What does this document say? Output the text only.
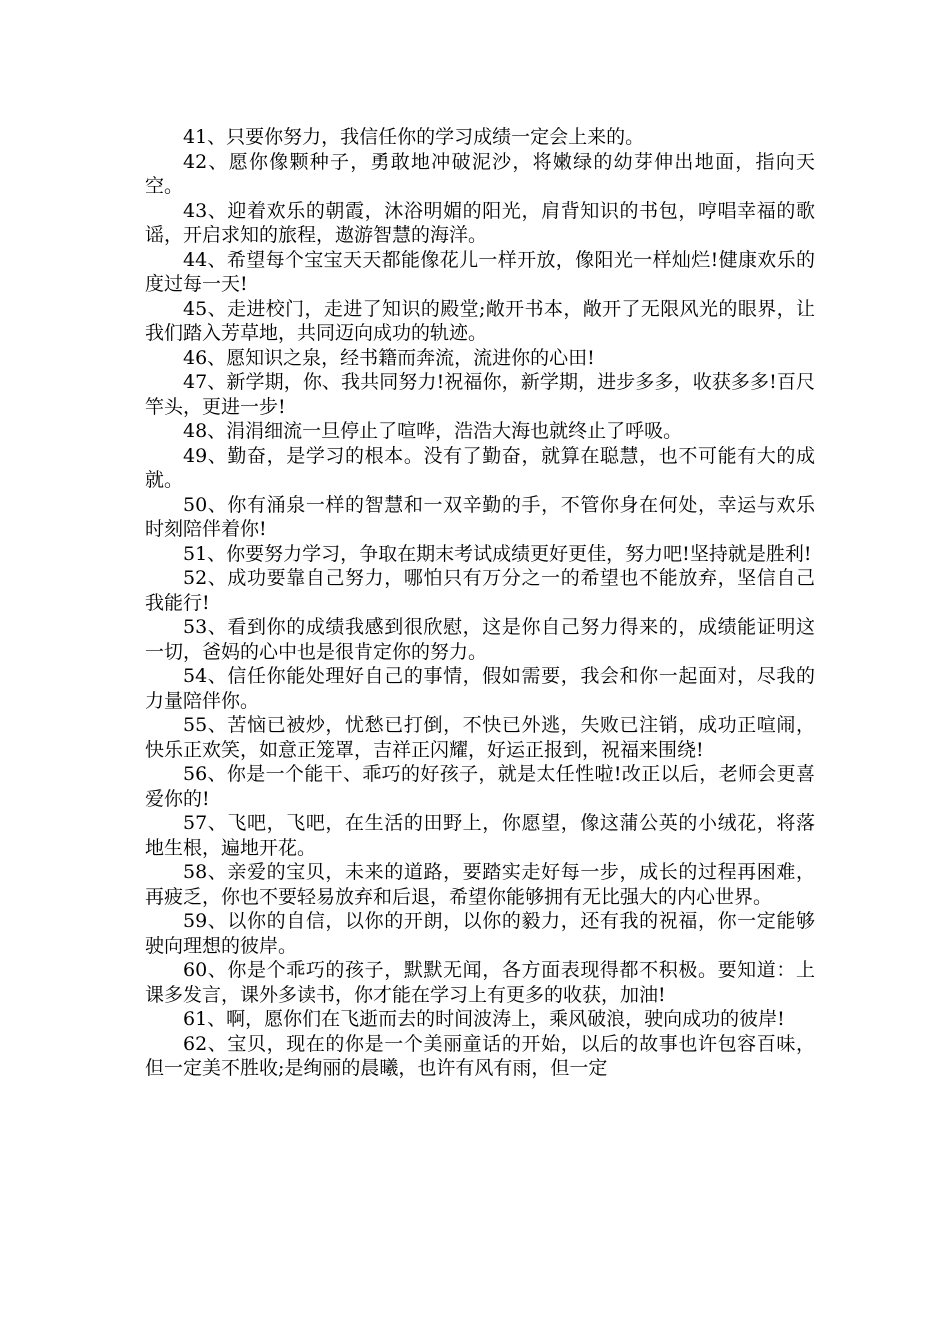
41、只要你努力，我信任你的学习成绩一定会上来的。

42、愿你像颗种子，勇敢地冲破泥沙，将嫩绿的幼芽伸出地面，指向天空。

43、迎着欢乐的朝霞，沐浴明媚的阳光，肩背知识的书包，哼唱幸福的歌谣，开启求知的旅程，遨游智慧的海洋。

44、希望每个宝宝天天都能像花儿一样开放，像阳光一样灿烂!健康欢乐的度过每一天!

45、走进校门，走进了知识的殿堂;敞开书本，敞开了无限风光的眼界，让我们踏入芳草地，共同迈向成功的轨迹。

46、愿知识之泉，经书籍而奔流，流进你的心田!

47、新学期，你、我共同努力!祝福你，新学期，进步多多，收获多多!百尺竿头，更进一步!

48、涓涓细流一旦停止了喧哗，浩浩大海也就终止了呼吸。

49、勤奋，是学习的根本。没有了勤奋，就算在聪慧，也不可能有大的成就。

50、你有涌泉一样的智慧和一双辛勤的手，不管你身在何处，幸运与欢乐时刻陪伴着你!

51、你要努力学习，争取在期末考试成绩更好更佳，努力吧!坚持就是胜利!

52、成功要靠自己努力，哪怕只有万分之一的希望也不能放弃，坚信自己我能行!

53、看到你的成绩我感到很欣慰，这是你自己努力得来的，成绩能证明这一切，爸妈的心中也是很肯定你的努力。

54、信任你能处理好自己的事情，假如需要，我会和你一起面对，尽我的力量陪伴你。

55、苦恼已被炒，忧愁已打倒，不快已外逃，失败已注销，成功正喧闹，快乐正欢笑，如意正笼罩，吉祥正闪耀，好运正报到，祝福来围绕!

56、你是一个能干、乖巧的好孩子，就是太任性啦!改正以后，老师会更喜爱你的!

57、飞吧，飞吧，在生活的田野上，你愿望，像这蒲公英的小绒花，将落地生根，遍地开花。

58、亲爱的宝贝，未来的道路，要踏实走好每一步，成长的过程再困难，再疲乏，你也不要轻易放弃和后退，希望你能够拥有无比强大的内心世界。

59、以你的自信，以你的开朗，以你的毅力，还有我的祝福，你一定能够驶向理想的彼岸。

60、你是个乖巧的孩子，默默无闻，各方面表现得都不积极。要知道：上课多发言，课外多读书，你才能在学习上有更多的收获，加油!

61、啊，愿你们在飞逝而去的时间波涛上，乘风破浪，驶向成功的彼岸!

62、宝贝，现在的你是一个美丽童话的开始，以后的故事也许包容百味，但一定美不胜收;是绚丽的晨曦，也许有风有雨，但一定
